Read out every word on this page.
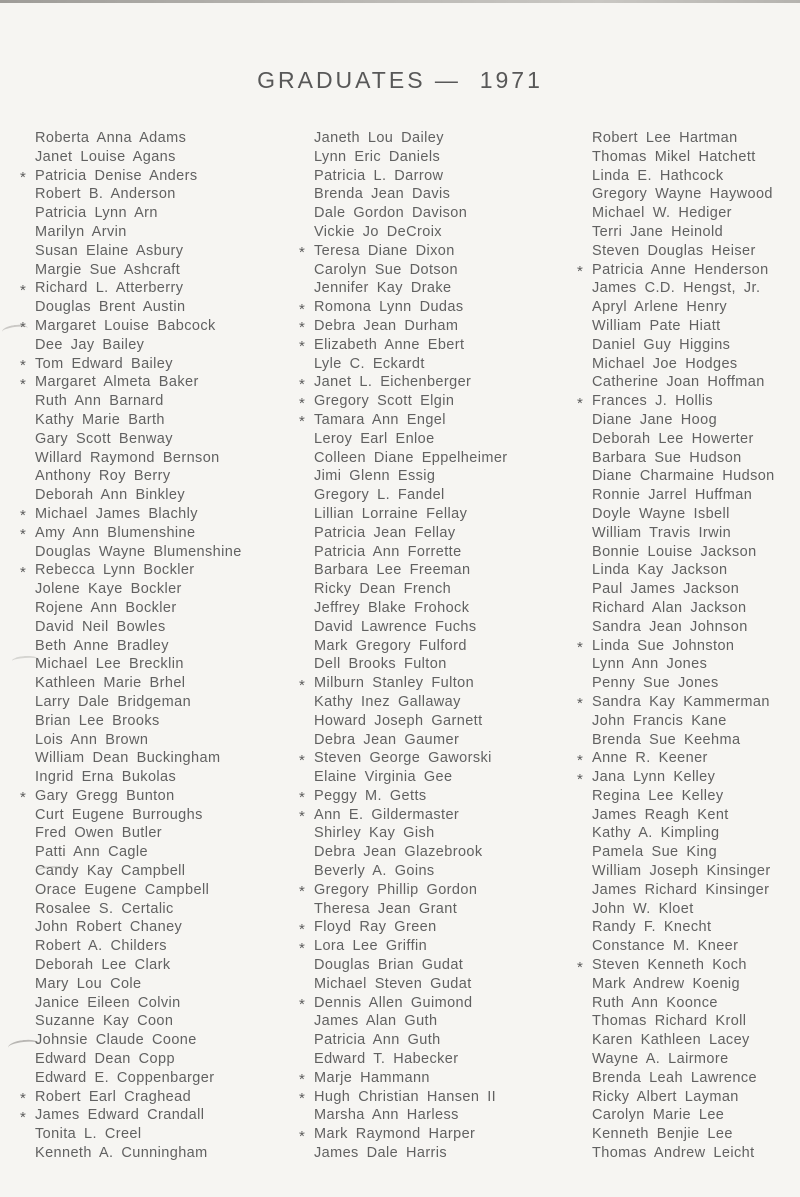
GRADUATES —  1971
Roberta Anna Adams
Janet Louise Agans
* Patricia Denise Anders
Robert B. Anderson
Patricia Lynn Arn
Marilyn Arvin
Susan Elaine Asbury
Margie Sue Ashcraft
* Richard L. Atterberry
Douglas Brent Austin
* Margaret Louise Babcock
Dee Jay Bailey
* Tom Edward Bailey
* Margaret Almeta Baker
Ruth Ann Barnard
Kathy Marie Barth
Gary Scott Benway
Willard Raymond Bernson
Anthony Roy Berry
Deborah Ann Binkley
* Michael James Blachly
* Amy Ann Blumenshine
Douglas Wayne Blumenshine
* Rebecca Lynn Bockler
Jolene Kaye Bockler
Rojene Ann Bockler
David Neil Bowles
Beth Anne Bradley
Michael Lee Brecklin
Kathleen Marie Brhel
Larry Dale Bridgeman
Brian Lee Brooks
Lois Ann Brown
William Dean Buckingham
Ingrid Erna Bukolas
* Gary Gregg Bunton
Curt Eugene Burroughs
Fred Owen Butler
Patti Ann Cagle
Candy Kay Campbell
Orace Eugene Campbell
Rosalee S. Certalic
John Robert Chaney
Robert A. Childers
Deborah Lee Clark
Mary Lou Cole
Janice Eileen Colvin
Suzanne Kay Coon
Johnsie Claude Coone
Edward Dean Copp
Edward E. Coppenbarger
* Robert Earl Craghead
* James Edward Crandall
Tonita L. Creel
Kenneth A. Cunningham
Janeth Lou Dailey
Lynn Eric Daniels
Patricia L. Darrow
Brenda Jean Davis
Dale Gordon Davison
Vickie Jo DeCroix
* Teresa Diane Dixon
Carolyn Sue Dotson
Jennifer Kay Drake
* Romona Lynn Dudas
* Debra Jean Durham
* Elizabeth Anne Ebert
Lyle C. Eckardt
* Janet L. Eichenberger
* Gregory Scott Elgin
* Tamara Ann Engel
Leroy Earl Enloe
Colleen Diane Eppelheimer
Jimi Glenn Essig
Gregory L. Fandel
Lillian Lorraine Fellay
Patricia Jean Fellay
Patricia Ann Forrette
Barbara Lee Freeman
Ricky Dean French
Jeffrey Blake Frohock
David Lawrence Fuchs
Mark Gregory Fulford
Dell Brooks Fulton
* Milburn Stanley Fulton
Kathy Inez Gallaway
Howard Joseph Garnett
Debra Jean Gaumer
* Steven George Gaworski
Elaine Virginia Gee
* Peggy M. Getts
* Ann E. Gildermaster
Shirley Kay Gish
Debra Jean Glazebrook
Beverly A. Goins
* Gregory Phillip Gordon
Theresa Jean Grant
* Floyd Ray Green
* Lora Lee Griffin
Douglas Brian Gudat
Michael Steven Gudat
* Dennis Allen Guimond
James Alan Guth
Patricia Ann Guth
Edward T. Habecker
* Marje Hammann
* Hugh Christian Hansen II
Marsha Ann Harless
* Mark Raymond Harper
James Dale Harris
Robert Lee Hartman
Thomas Mikel Hatchett
Linda E. Hathcock
Gregory Wayne Haywood
Michael W. Hediger
Terri Jane Heinold
Steven Douglas Heiser
* Patricia Anne Henderson
James C.D. Hengst, Jr.
Apryl Arlene Henry
William Pate Hiatt
Daniel Guy Higgins
Michael Joe Hodges
Catherine Joan Hoffman
* Frances J. Hollis
Diane Jane Hoog
Deborah Lee Howerter
Barbara Sue Hudson
Diane Charmaine Hudson
Ronnie Jarrel Huffman
Doyle Wayne Isbell
William Travis Irwin
Bonnie Louise Jackson
Linda Kay Jackson
Paul James Jackson
Richard Alan Jackson
Sandra Jean Johnson
* Linda Sue Johnston
Lynn Ann Jones
Penny Sue Jones
* Sandra Kay Kammerman
John Francis Kane
Brenda Sue Keehma
* Anne R. Keener
* Jana Lynn Kelley
Regina Lee Kelley
James Reagh Kent
Kathy A. Kimpling
Pamela Sue King
William Joseph Kinsinger
James Richard Kinsinger
John W. Kloet
Randy F. Knecht
Constance M. Kneer
* Steven Kenneth Koch
Mark Andrew Koenig
Ruth Ann Koonce
Thomas Richard Kroll
Karen Kathleen Lacey
Wayne A. Lairmore
Brenda Leah Lawrence
Ricky Albert Layman
Carolyn Marie Lee
Kenneth Benjie Lee
Thomas Andrew Leicht
